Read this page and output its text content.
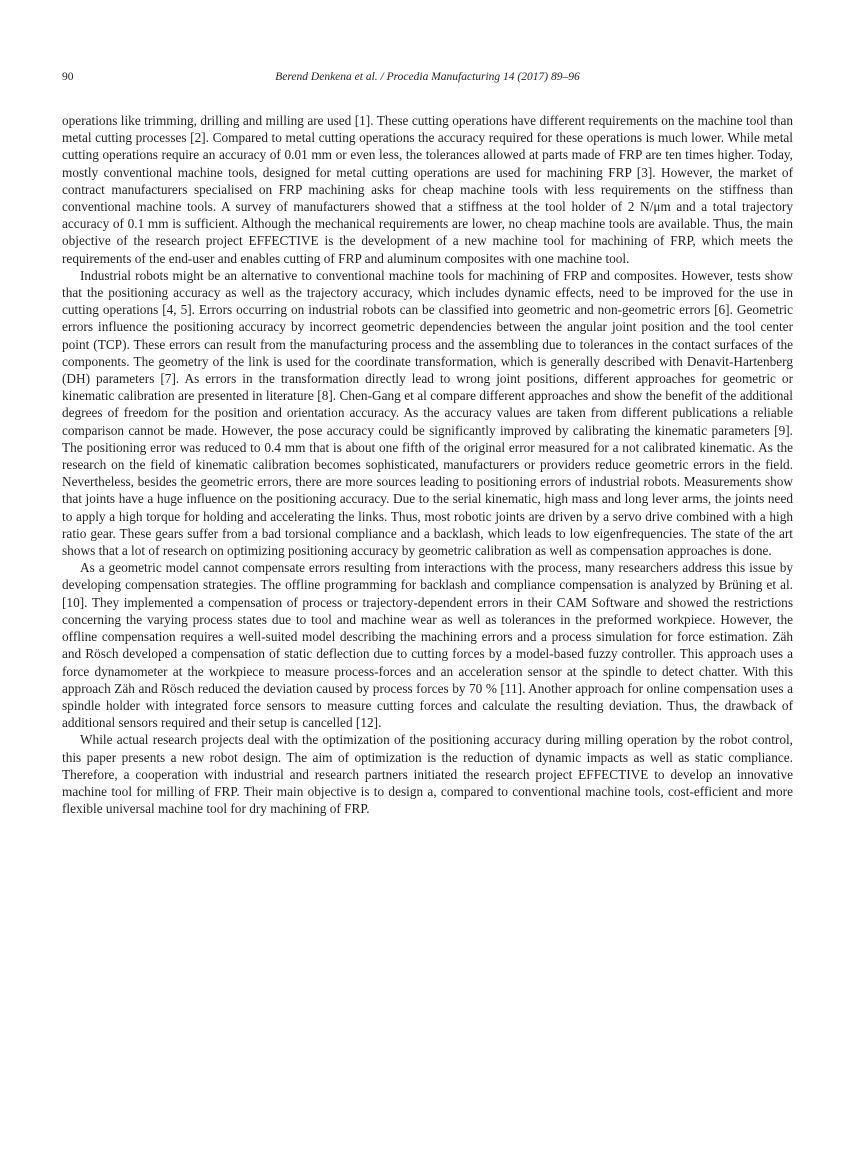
90	Berend Denkena et al. / Procedia Manufacturing 14 (2017) 89–96

operations like trimming, drilling and milling are used [1]. These cutting operations have different requirements on the machine tool than metal cutting processes [2]. Compared to metal cutting operations the accuracy required for these operations is much lower. While metal cutting operations require an accuracy of 0.01 mm or even less, the tolerances allowed at parts made of FRP are ten times higher. Today, mostly conventional machine tools, designed for metal cutting operations are used for machining FRP [3]. However, the market of contract manufacturers specialised on FRP machining asks for cheap machine tools with less requirements on the stiffness than conventional machine tools. A survey of manufacturers showed that a stiffness at the tool holder of 2 N/μm and a total trajectory accuracy of 0.1 mm is sufficient. Although the mechanical requirements are lower, no cheap machine tools are available. Thus, the main objective of the research project EFFECTIVE is the development of a new machine tool for machining of FRP, which meets the requirements of the end-user and enables cutting of FRP and aluminum composites with one machine tool.

Industrial robots might be an alternative to conventional machine tools for machining of FRP and composites. However, tests show that the positioning accuracy as well as the trajectory accuracy, which includes dynamic effects, need to be improved for the use in cutting operations [4, 5]. Errors occurring on industrial robots can be classified into geometric and non-geometric errors [6]. Geometric errors influence the positioning accuracy by incorrect geometric dependencies between the angular joint position and the tool center point (TCP). These errors can result from the manufacturing process and the assembling due to tolerances in the contact surfaces of the components. The geometry of the link is used for the coordinate transformation, which is generally described with Denavit-Hartenberg (DH) parameters [7]. As errors in the transformation directly lead to wrong joint positions, different approaches for geometric or kinematic calibration are presented in literature [8]. Chen-Gang et al compare different approaches and show the benefit of the additional degrees of freedom for the position and orientation accuracy. As the accuracy values are taken from different publications a reliable comparison cannot be made. However, the pose accuracy could be significantly improved by calibrating the kinematic parameters [9]. The positioning error was reduced to 0.4 mm that is about one fifth of the original error measured for a not calibrated kinematic. As the research on the field of kinematic calibration becomes sophisticated, manufacturers or providers reduce geometric errors in the field. Nevertheless, besides the geometric errors, there are more sources leading to positioning errors of industrial robots. Measurements show that joints have a huge influence on the positioning accuracy. Due to the serial kinematic, high mass and long lever arms, the joints need to apply a high torque for holding and accelerating the links. Thus, most robotic joints are driven by a servo drive combined with a high ratio gear. These gears suffer from a bad torsional compliance and a backlash, which leads to low eigenfrequencies. The state of the art shows that a lot of research on optimizing positioning accuracy by geometric calibration as well as compensation approaches is done.

As a geometric model cannot compensate errors resulting from interactions with the process, many researchers address this issue by developing compensation strategies. The offline programming for backlash and compliance compensation is analyzed by Brüning et al. [10]. They implemented a compensation of process or trajectory-dependent errors in their CAM Software and showed the restrictions concerning the varying process states due to tool and machine wear as well as tolerances in the preformed workpiece. However, the offline compensation requires a well-suited model describing the machining errors and a process simulation for force estimation. Zäh and Rösch developed a compensation of static deflection due to cutting forces by a model-based fuzzy controller. This approach uses a force dynamometer at the workpiece to measure process-forces and an acceleration sensor at the spindle to detect chatter. With this approach Zäh and Rösch reduced the deviation caused by process forces by 70 % [11]. Another approach for online compensation uses a spindle holder with integrated force sensors to measure cutting forces and calculate the resulting deviation. Thus, the drawback of additional sensors required and their setup is cancelled [12].

While actual research projects deal with the optimization of the positioning accuracy during milling operation by the robot control, this paper presents a new robot design. The aim of optimization is the reduction of dynamic impacts as well as static compliance. Therefore, a cooperation with industrial and research partners initiated the research project EFFECTIVE to develop an innovative machine tool for milling of FRP. Their main objective is to design a, compared to conventional machine tools, cost-efficient and more flexible universal machine tool for dry machining of FRP.
